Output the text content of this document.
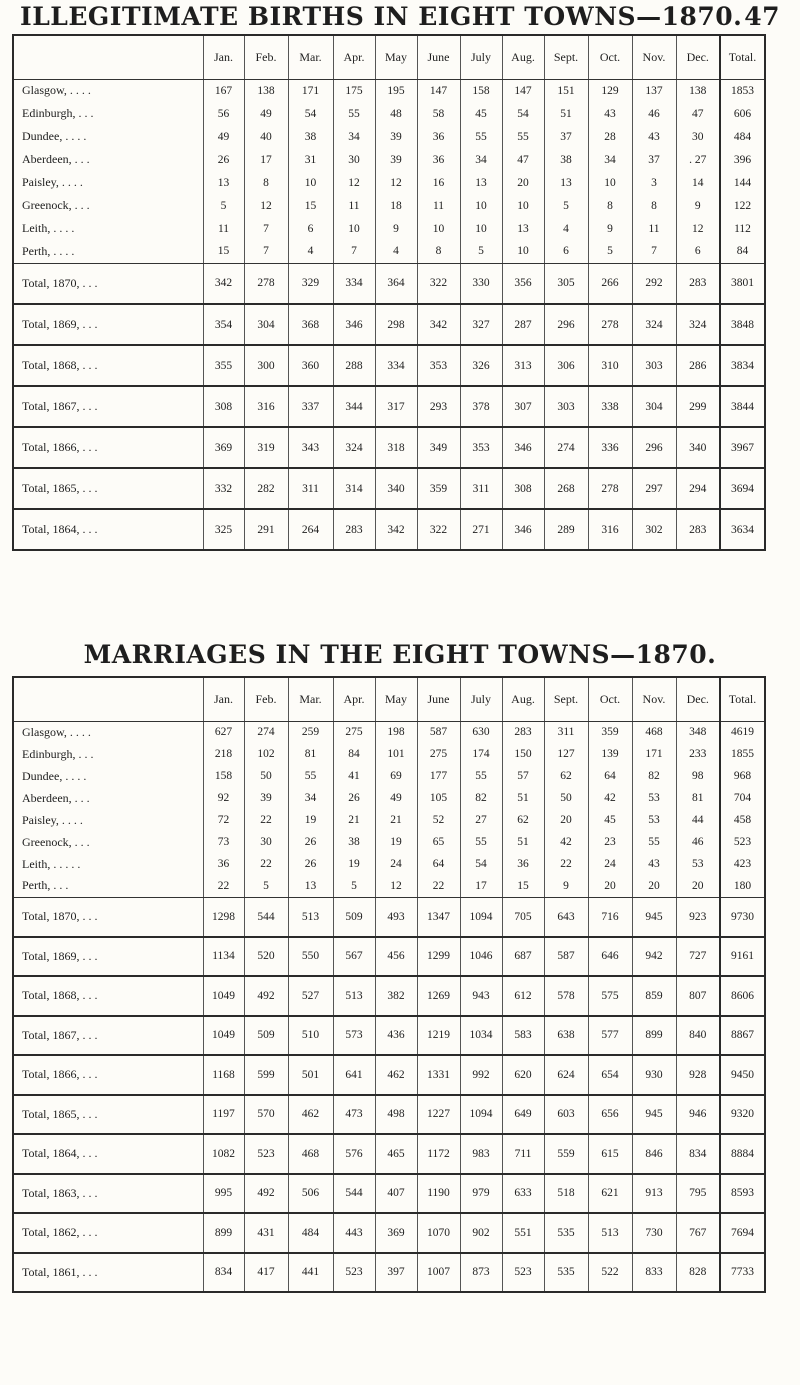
ILLEGITIMATE BIRTHS IN EIGHT TOWNS—1870. 47
	Jan.	Feb.	Mar.	Apr.	May	June	July	Aug.	Sept.	Oct.	Nov.	Dec.	Total.
Glasgow, . . . .	167	138	171	175	195	147	158	147	151	129	137	138	1853
Edinburgh, . . .	56	49	54	55	48	58	45	54	51	43	46	47	606
Dundee, . . . .	49	40	38	34	39	36	55	55	37	28	43	30	484
Aberdeen, . . .	26	17	31	30	39	36	34	47	38	34	37	. 27	396
Paisley, . . . .	13	8	10	12	12	16	13	20	13	10	3	14	144
Greenock, . . .	5	12	15	11	18	11	10	10	5	8	8	9	122
Leith, . . . .	11	7	6	10	9	10	10	13	4	9	11	12	112
Perth, . . . .	15	7	4	7	4	8	5	10	6	5	7	6	84
Total, 1870, . . .	342	278	329	334	364	322	330	356	305	266	292	283	3801
Total, 1869, . . .	354	304	368	346	298	342	327	287	296	278	324	324	3848
Total, 1868, . . .	355	300	360	288	334	353	326	313	306	310	303	286	3834
Total, 1867, . . .	308	316	337	344	317	293	378	307	303	338	304	299	3844
Total, 1866, . . .	369	319	343	324	318	349	353	346	274	336	296	340	3967
Total, 1865, . . .	332	282	311	314	340	359	311	308	268	278	297	294	3694
Total, 1864, . . .	325	291	264	283	342	322	271	346	289	316	302	283	3634
MARRIAGES IN THE EIGHT TOWNS—1870.
	Jan.	Feb.	Mar.	Apr.	May	June	July	Aug.	Sept.	Oct.	Nov.	Dec.	Total.
Glasgow, . . . .	627	274	259	275	198	587	630	283	311	359	468	348	4619
Edinburgh, . . .	218	102	81	84	101	275	174	150	127	139	171	233	1855
Dundee, . . . .	158	50	55	41	69	177	55	57	62	64	82	98	968
Aberdeen, . . .	92	39	34	26	49	105	82	51	50	42	53	81	704
Paisley, . . . .	72	22	19	21	21	52	27	62	20	45	53	44	458
Greenock, . . .	73	30	26	38	19	65	55	51	42	23	55	46	523
Leith, . . . . .	36	22	26	19	24	64	54	36	22	24	43	53	423
Perth, . . .	22	5	13	5	12	22	17	15	9	20	20	20	180
Total, 1870, . . .	1298	544	513	509	493	1347	1094	705	643	716	945	923	9730
Total, 1869, . . .	1134	520	550	567	456	1299	1046	687	587	646	942	727	9161
Total, 1868, . . .	1049	492	527	513	382	1269	943	612	578	575	859	807	8606
Total, 1867, . . .	1049	509	510	573	436	1219	1034	583	638	577	899	840	8867
Total, 1866, . . .	1168	599	501	641	462	1331	992	620	624	654	930	928	9450
Total, 1865, . . .	1197	570	462	473	498	1227	1094	649	603	656	945	946	9320
Total, 1864, . . .	1082	523	468	576	465	1172	983	711	559	615	846	834	8884
Total, 1863, . . .	995	492	506	544	407	1190	979	633	518	621	913	795	8593
Total, 1862, . . .	899	431	484	443	369	1070	902	551	535	513	730	767	7694
Total, 1861, . . .	834	417	441	523	397	1007	873	523	535	522	833	828	7733
